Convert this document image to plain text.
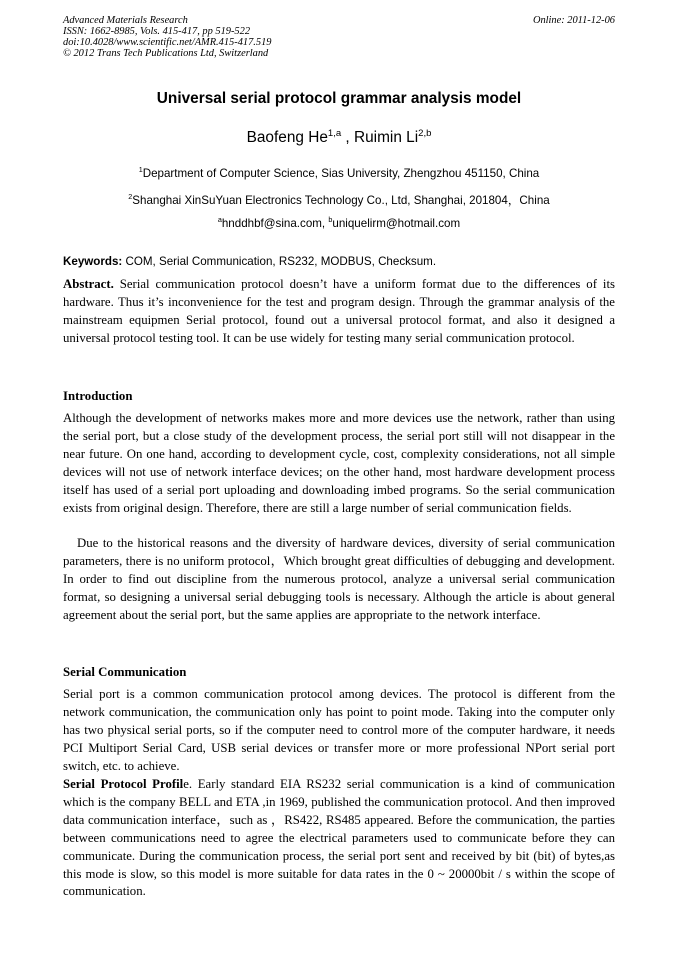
Advanced Materials Research
ISSN: 1662-8985, Vols. 415-417, pp 519-522
doi:10.4028/www.scientific.net/AMR.415-417.519
© 2012 Trans Tech Publications Ltd, Switzerland
Online: 2011-12-06
Universal serial protocol grammar analysis model
Baofeng He$^{1,a}$ , Ruimin Li$^{2,b}$
$^1$Department of Computer Science, Sias University, Zhengzhou 451150, China
$^2$Shanghai XinSuYuan Electronics Technology Co., Ltd, Shanghai, 201804，China
$^a$hnddhbf@sina.com, $^b$uniquelirm@hotmail.com
Keywords: COM, Serial Communication, RS232, MODBUS, Checksum.
Abstract. Serial communication protocol doesn’t have a uniform format due to the differences of its hardware. Thus it’s inconvenience for the test and program design. Through the grammar analysis of the mainstream equipmen Serial protocol, found out a universal protocol format, and also it designed a universal protocol testing tool. It can be use widely for testing many serial communication protocol.
Introduction
Although the development of networks makes more and more devices use the network, rather than using the serial port, but a close study of the development process, the serial port still will not disappear in the near future. On one hand, according to development cycle, cost, complexity considerations, not all simple devices will not use of network interface devices; on the other hand, most hardware development process itself has used of a serial port uploading and downloading imbed programs. So the serial communication exists from original design. Therefore, there are still a large number of serial communication fields.
Due to the historical reasons and the diversity of hardware devices, diversity of serial communication parameters, there is no uniform protocol，Which brought great difficulties of debugging and development. In order to find out discipline from the numerous protocol, analyze a universal serial communication format, so designing a universal serial debugging tools is necessary. Although the article is about general agreement about the serial port, but the same applies are appropriate to the network interface.
Serial Communication
Serial port is a common communication protocol among devices. The protocol is different from the network communication, the communication only has point to point mode. Taking into the computer only has two physical serial ports, so if the computer need to control more of the computer hardware, it needs PCI Multiport Serial Card, USB serial devices or transfer more or more professional NPort serial port switch, etc. to achieve.
Serial Protocol Profile. Early standard EIA RS232 serial communication is a kind of communication which is the company BELL and ETA ,in 1969, published the communication protocol. And then improved data communication interface，such as ，RS422, RS485 appeared. Before the communication, the parties between communications need to agree the electrical parameters used to communicate before they can communicate. During the communication process, the serial port sent and received by bit (bit) of bytes,as this mode is slow, so this model is more suitable for data rates in the 0 ~ 20000bit / s within the scope of communication.
